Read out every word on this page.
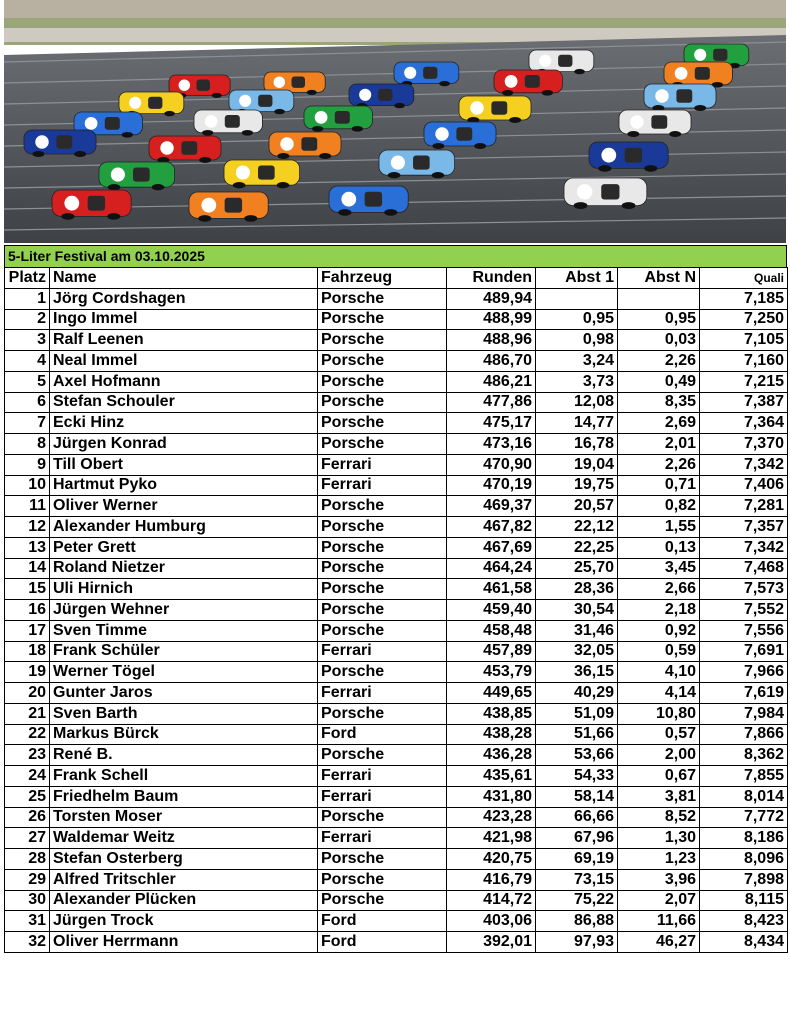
5-Liter Festival am 03.10.2025
Platz	Name	Fahrzeug	Runden	Abst 1	Abst N	Quali
1	Jörg Cordshagen	Porsche	489,94			7,185
2	Ingo Immel	Porsche	488,99	0,95	0,95	7,250
3	Ralf Leenen	Porsche	488,96	0,98	0,03	7,105
4	Neal Immel	Porsche	486,70	3,24	2,26	7,160
5	Axel Hofmann	Porsche	486,21	3,73	0,49	7,215
6	Stefan Schouler	Porsche	477,86	12,08	8,35	7,387
7	Ecki Hinz	Porsche	475,17	14,77	2,69	7,364
8	Jürgen Konrad	Porsche	473,16	16,78	2,01	7,370
9	Till Obert	Ferrari	470,90	19,04	2,26	7,342
10	Hartmut Pyko	Ferrari	470,19	19,75	0,71	7,406
11	Oliver Werner	Porsche	469,37	20,57	0,82	7,281
12	Alexander Humburg	Porsche	467,82	22,12	1,55	7,357
13	Peter Grett	Porsche	467,69	22,25	0,13	7,342
14	Roland Nietzer	Porsche	464,24	25,70	3,45	7,468
15	Uli Hirnich	Porsche	461,58	28,36	2,66	7,573
16	Jürgen Wehner	Porsche	459,40	30,54	2,18	7,552
17	Sven Timme	Porsche	458,48	31,46	0,92	7,556
18	Frank Schüler	Ferrari	457,89	32,05	0,59	7,691
19	Werner Tögel	Porsche	453,79	36,15	4,10	7,966
20	Gunter Jaros	Ferrari	449,65	40,29	4,14	7,619
21	Sven Barth	Porsche	438,85	51,09	10,80	7,984
22	Markus Bürck	Ford	438,28	51,66	0,57	7,866
23	René B.	Porsche	436,28	53,66	2,00	8,362
24	Frank Schell	Ferrari	435,61	54,33	0,67	7,855
25	Friedhelm Baum	Ferrari	431,80	58,14	3,81	8,014
26	Torsten Moser	Porsche	423,28	66,66	8,52	7,772
27	Waldemar Weitz	Ferrari	421,98	67,96	1,30	8,186
28	Stefan Osterberg	Porsche	420,75	69,19	1,23	8,096
29	Alfred Tritschler	Porsche	416,79	73,15	3,96	7,898
30	Alexander Plücken	Porsche	414,72	75,22	2,07	8,115
31	Jürgen Trock	Ford	403,06	86,88	11,66	8,423
32	Oliver Herrmann	Ford	392,01	97,93	46,27	8,434
